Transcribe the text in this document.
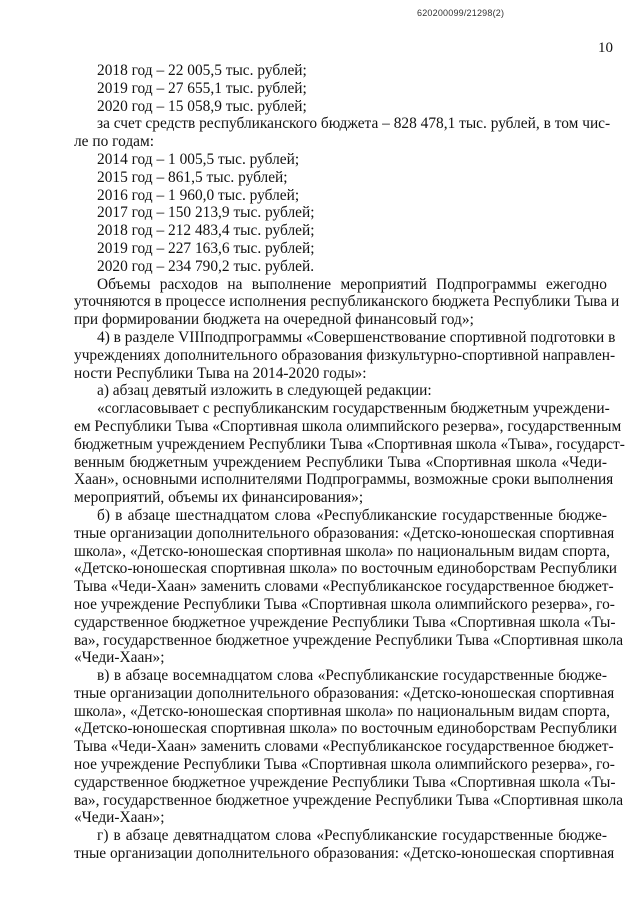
620200099/21298(2)
10
2018 год – 22 005,5 тыс. рублей;
2019 год – 27 655,1 тыс. рублей;
2020 год – 15 058,9 тыс. рублей;
за счет средств республиканского бюджета – 828 478,1 тыс. рублей, в том чис-
ле по годам:
2014 год – 1 005,5 тыс. рублей;
2015 год – 861,5 тыс. рублей;
2016 год – 1 960,0 тыс. рублей;
2017 год – 150 213,9 тыс. рублей;
2018 год – 212 483,4 тыс. рублей;
2019 год – 227 163,6 тыс. рублей;
2020 год – 234 790,2 тыс. рублей.
Объемы расходов на выполнение мероприятий Подпрограммы ежегодно
уточняются в процессе исполнения республиканского бюджета Республики Тыва и
при формировании бюджета на очередной финансовый год»;
4) в разделе VIIIподпрограммы «Совершенствование спортивной подготовки в
учреждениях дополнительного образования физкультурно-спортивной направлен-
ности Республики Тыва на 2014-2020 годы»:
а) абзац девятый изложить в следующей редакции:
«согласовывает с республиканским государственным бюджетным учреждени-
ем Республики Тыва «Спортивная школа олимпийского резерва», государственным
бюджетным учреждением Республики Тыва «Спортивная школа «Тыва», государст-
венным бюджетным учреждением Республики Тыва «Спортивная школа «Чеди-
Хаан», основными исполнителями Подпрограммы, возможные сроки выполнения
мероприятий, объемы их финансирования»;
б) в абзаце шестнадцатом слова «Республиканские государственные бюдже-
тные организации дополнительного образования: «Детско-юношеская спортивная
школа», «Детско-юношеская спортивная школа» по национальным видам спорта,
«Детско-юношеская спортивная школа» по восточным единоборствам Республики
Тыва «Чеди-Хаан» заменить словами «Республиканское государственное бюджет-
ное учреждение Республики Тыва «Спортивная школа олимпийского резерва», го-
сударственное бюджетное учреждение Республики Тыва «Спортивная школа «Ты-
ва», государственное бюджетное учреждение Республики Тыва «Спортивная школа
«Чеди-Хаан»;
в) в абзаце восемнадцатом слова «Республиканские государственные бюдже-
тные организации дополнительного образования: «Детско-юношеская спортивная
школа», «Детско-юношеская спортивная школа» по национальным видам спорта,
«Детско-юношеская спортивная школа» по восточным единоборствам Республики
Тыва «Чеди-Хаан» заменить словами «Республиканское государственное бюджет-
ное учреждение Республики Тыва «Спортивная школа олимпийского резерва», го-
сударственное бюджетное учреждение Республики Тыва «Спортивная школа «Ты-
ва», государственное бюджетное учреждение Республики Тыва «Спортивная школа
«Чеди-Хаан»;
г) в абзаце девятнадцатом слова «Республиканские государственные бюдже-
тные организации дополнительного образования: «Детско-юношеская спортивная
